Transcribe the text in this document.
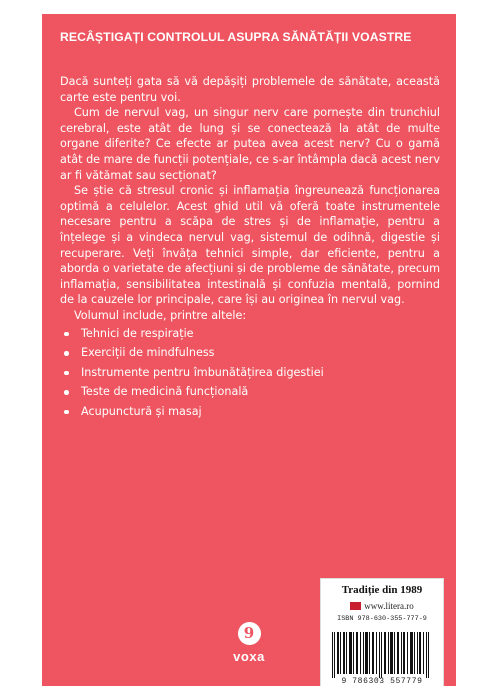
RECÂȘTIGAȚI CONTROLUL ASUPRA SĂNĂTĂȚII VOASTRE

Dacă sunteți gata să vă depășiți problemele de sănătate, această carte este pentru voi.

Cum de nervul vag, un singur nerv care pornește din trunchiul cerebral, este atât de lung și se conectează la atât de multe organe diferite? Ce efecte ar putea avea acest nerv? Cu o gamă atât de mare de funcții potențiale, ce s-ar întâmpla dacă acest nerv ar fi vătămat sau secționat?

Se știe că stresul cronic și inflamația îngreunează funcționarea optimă a celulelor. Acest ghid util vă oferă toate instrumentele necesare pentru a scăpa de stres și de inflamație, pentru a înțelege și a vindeca nervul vag, sistemul de odihnă, digestie și recuperare. Veți învăța tehnici simple, dar eficiente, pentru a aborda o varietate de afecțiuni și de probleme de sănătate, precum inflamația, sensibilitatea intestinală și confuzia mentală, pornind de la cauzele lor principale, care își au originea în nervul vag.

Volumul include, printre altele:

Tehnici de respirație
Exerciții de mindfulness
Instrumente pentru îmbunătățirea digestiei
Teste de medicină funcțională
Acupunctură și masaj
9
voxa
Tradiție din 1989
www.litera.ro
ISBN 978-630-355-777-9
9 786303 557779
